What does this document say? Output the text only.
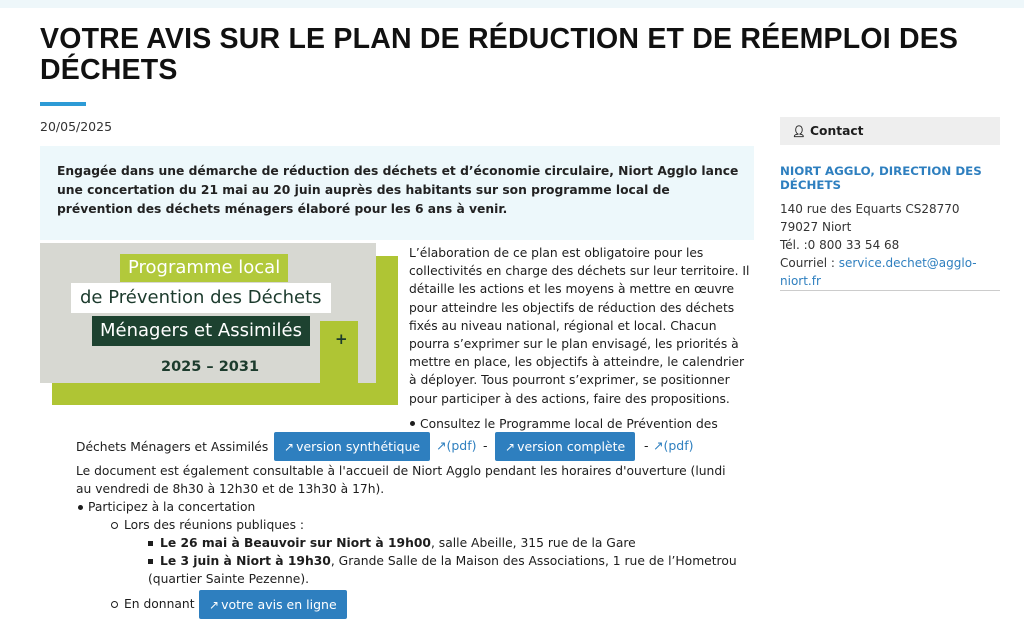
VOTRE AVIS SUR LE PLAN DE RÉDUCTION ET DE RÉEMPLOI DES DÉCHETS
20/05/2025

Engagée dans une démarche de réduction des déchets et d’économie circulaire, Niort Agglo lance une concertation du 21 mai au 20 juin auprès des habitants sur son programme local de prévention des déchets ménagers élaboré pour les 6 ans à venir.

Programme local
de Prévention des Déchets
Ménagers et Assimilés
2025 – 2031
+
L’élaboration de ce plan est obligatoire pour les
collectivités en charge des déchets sur leur territoire. Il
détaille les actions et les moyens à mettre en œuvre
pour atteindre les objectifs de réduction des déchets
fixés au niveau national, régional et local. Chacun
pourra s’exprimer sur le plan envisagé, les priorités à
mettre en place, les objectifs à atteindre, le calendrier
à déployer. Tous pourront s’exprimer, se positionner
pour participer à des actions, faire des propositions.
Consultez le Programme local de Prévention des
Déchets Ménagers et Assimilés ↗ version synthétique ↗(pdf) - ↗ version complète - ↗(pdf)
Le document est également consultable à l'accueil de Niort Agglo pendant les horaires d'ouverture (lundi
au vendredi de 8h30 à 12h30 et de 13h30 à 17h).
Participez à la concertation
Lors des réunions publiques :
Le 26 mai à Beauvoir sur Niort à 19h00, salle Abeille, 315 rue de la Gare
Le 3 juin à Niort à 19h30, Grande Salle de la Maison des Associations, 1 rue de l’Hometrou
(quartier Sainte Pezenne).
En donnant ↗ votre avis en ligne
👤︎ Contact
NIORT AGGLO, DIRECTION DES
DÉCHETS
140 rue des Equarts CS28770
79027 Niort
Tél. :0 800 33 54 68
Courriel : service.dechet@agglo-
niort.fr
